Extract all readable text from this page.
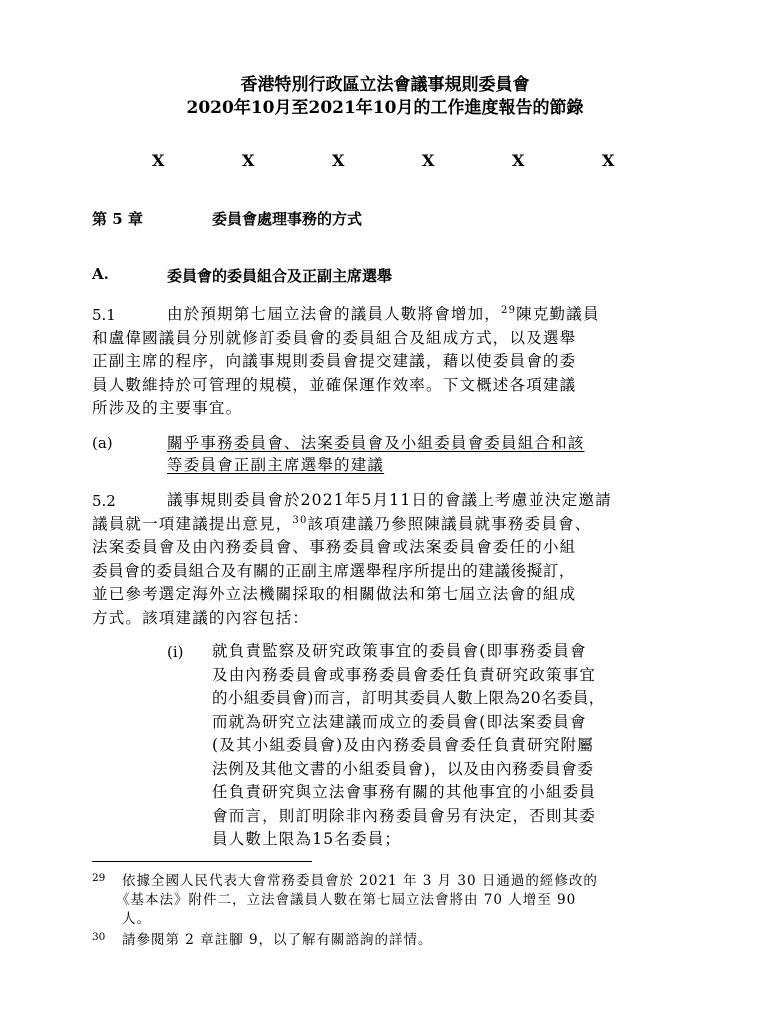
香港特別行政區立法會議事規則委員會
2020年10月至2021年10月的工作進度報告的節錄
X	X	X	X	X	X
第 5 章	委員會處理事務的方式
A.	委員會的委員組合及正副主席選舉
5.1	由於預期第七屆立法會的議員人數將會增加，$^{29}$陳克勤議員
和盧偉國議員分別就修訂委員會的委員組合及組成方式，以及選舉
正副主席的程序，向議事規則委員會提交建議，藉以使委員會的委
員人數維持於可管理的規模，並確保運作效率。下文概述各項建議
所涉及的主要事宜。
(a)	關乎事務委員會、法案委員會及小組委員會委員組合和該
等委員會正副主席選舉的建議
5.2	議事規則委員會於2021年5月11日的會議上考慮並決定邀請
議員就一項建議提出意見，$^{30}$該項建議乃參照陳議員就事務委員會、
法案委員會及由內務委員會、事務委員會或法案委員會委任的小組
委員會的委員組合及有關的正副主席選舉程序所提出的建議後擬訂，
並已參考選定海外立法機關採取的相關做法和第七屆立法會的組成
方式。該項建議的內容包括：
(i) 就負責監察及研究政策事宜的委員會(即事務委員會
及由內務委員會或事務委員會委任負責研究政策事宜
的小組委員會)而言，訂明其委員人數上限為20名委員，
而就為研究立法建議而成立的委員會(即法案委員會
(及其小組委員會)及由內務委員會委任負責研究附屬
法例及其他文書的小組委員會)，以及由內務委員會委
任負責研究與立法會事務有關的其他事宜的小組委員
會而言，則訂明除非內務委員會另有決定，否則其委
員人數上限為15名委員；
29 依據全國人民代表大會常務委員會於 2021 年 3 月 30 日通過的經修改的
《基本法》附件二，立法會議員人數在第七屆立法會將由 70 人增至 90
人。
30 請參閱第 2 章註腳 9，以了解有關諮詢的詳情。
